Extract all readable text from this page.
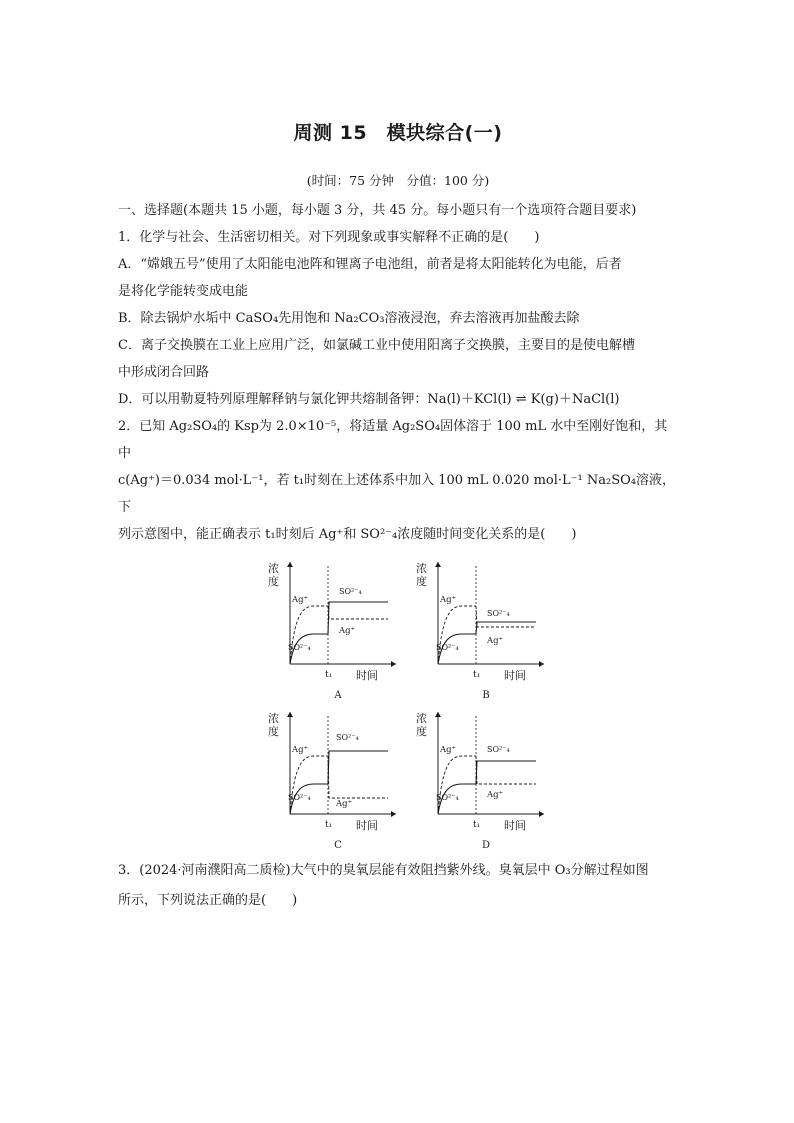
周测 15　模块综合(一)
(时间：75 分钟　分值：100 分)

一、选择题(本题共 15 小题，每小题 3 分，共 45 分。每小题只有一个选项符合题目要求)

1．化学与社会、生活密切相关。对下列现象或事实解释不正确的是(　　)

A．“嫦娥五号”使用了太阳能电池阵和锂离子电池组，前者是将太阳能转化为电能，后者

是将化学能转变成电能

B．除去锅炉水垢中 CaSO₄先用饱和 Na₂CO₃溶液浸泡，弃去溶液再加盐酸去除

C．离子交换膜在工业上应用广泛，如氯碱工业中使用阳离子交换膜，主要目的是使电解槽

中形成闭合回路

D．可以用勒夏特列原理解释钠与氯化钾共熔制备钾：Na(l)＋KCl(l) ⇌ K(g)＋NaCl(l)

2．已知 Ag₂SO₄的 Ksp为 2.0×10⁻⁵，将适量 Ag₂SO₄固体溶于 100 mL 水中至刚好饱和，其中

c(Ag⁺)＝0.034 mol·L⁻¹，若 t₁时刻在上述体系中加入 100 mL 0.020 mol·L⁻¹ Na₂SO₄溶液，下

列示意图中，能正确表示 t₁时刻后 Ag⁺和 SO²⁻₄浓度随时间变化关系的是(　　)

浓
度
Ag⁺
SO²⁻₄
Ag⁺
SO²⁻₄
t₁ 时间
A
浓
度
Ag⁺
SO²⁻₄
Ag⁺
SO²⁻₄
t₁ 时间
B
浓
度
Ag⁺
SO²⁻₄
Ag⁺
SO²⁻₄
t₁ 时间
C
浓
度
Ag⁺
SO²⁻₄	Ag⁺
SO²⁻₄
t₁ 时间
D

3．(2024·河南濮阳高二质检)大气中的臭氧层能有效阻挡紫外线。臭氧层中 O₃分解过程如图

所示，下列说法正确的是(　　)
